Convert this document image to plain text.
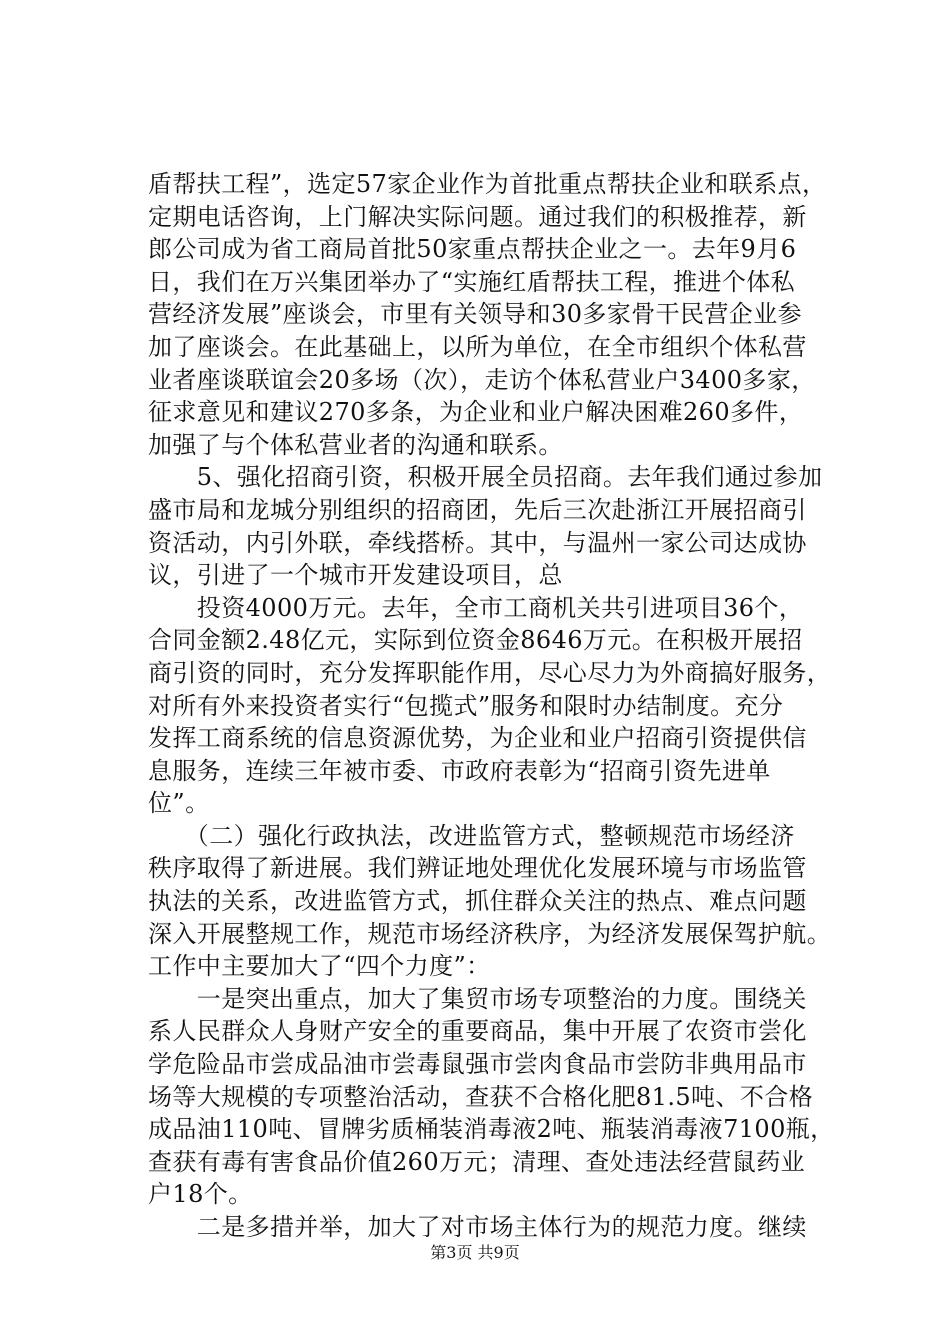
盾帮扶工程”，选定57家企业作为首批重点帮扶企业和联系点，
定期电话咨询，上门解决实际问题。通过我们的积极推荐，新
郎公司成为省工商局首批50家重点帮扶企业之一。去年9月6
日，我们在万兴集团举办了“实施红盾帮扶工程，推进个体私
营经济发展”座谈会，市里有关领导和30多家骨干民营企业参
加了座谈会。在此基础上，以所为单位，在全市组织个体私营
业者座谈联谊会20多场（次），走访个体私营业户3400多家，
征求意见和建议270多条，为企业和业户解决困难260多件，
加强了与个体私营业者的沟通和联系。
　　5、强化招商引资，积极开展全员招商。去年我们通过参加
盛市局和龙城分别组织的招商团，先后三次赴浙江开展招商引
资活动，内引外联，牵线搭桥。其中，与温州一家公司达成协
议，引进了一个城市开发建设项目，总
　　投资4000万元。去年，全市工商机关共引进项目36个，
合同金额2.48亿元，实际到位资金8646万元。在积极开展招
商引资的同时，充分发挥职能作用，尽心尽力为外商搞好服务，
对所有外来投资者实行“包揽式”服务和限时办结制度。充分
发挥工商系统的信息资源优势，为企业和业户招商引资提供信
息服务，连续三年被市委、市政府表彰为“招商引资先进单
位”。
　　（二）强化行政执法，改进监管方式，整顿规范市场经济
秩序取得了新进展。我们辨证地处理优化发展环境与市场监管
执法的关系，改进监管方式，抓住群众关注的热点、难点问题
深入开展整规工作，规范市场经济秩序，为经济发展保驾护航。
工作中主要加大了“四个力度”：
　　一是突出重点，加大了集贸市场专项整治的力度。围绕关
系人民群众人身财产安全的重要商品，集中开展了农资市尝化
学危险品市尝成品油市尝毒鼠强市尝肉食品市尝防非典用品市
场等大规模的专项整治活动，查获不合格化肥81.5吨、不合格
成品油110吨、冒牌劣质桶装消毒液2吨、瓶装消毒液7100瓶，
查获有毒有害食品价值260万元；清理、查处违法经营鼠药业
户18个。
　　二是多措并举，加大了对市场主体行为的规范力度。继续
第3页 共9页
